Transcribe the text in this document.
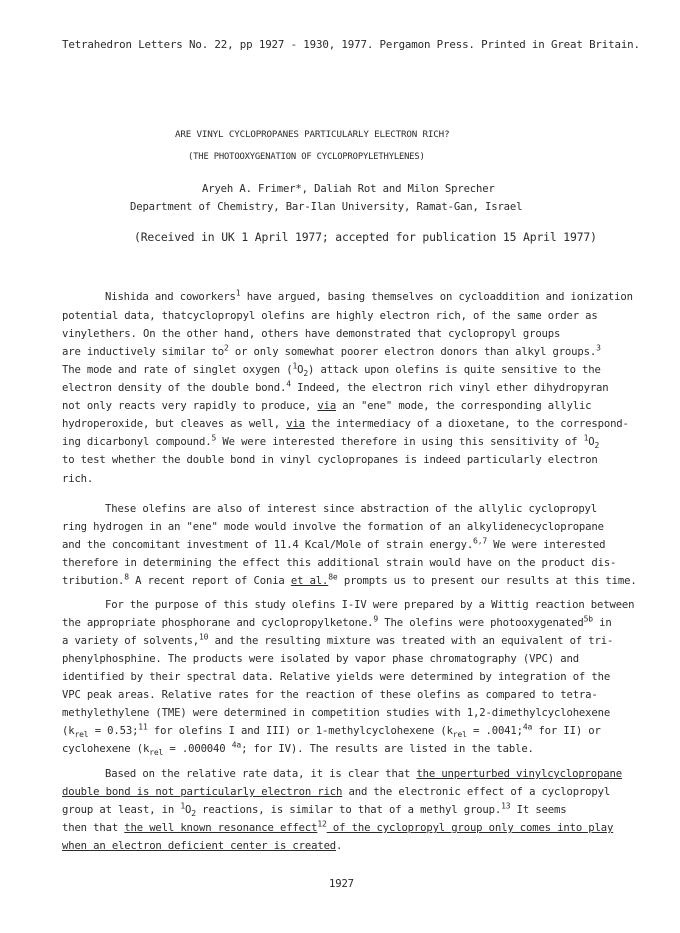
Tetrahedron Letters No. 22, pp 1927 - 1930, 1977. Pergamon Press. Printed in Great Britain.
ARE VINYL CYCLOPROPANES PARTICULARLY ELECTRON RICH?
(THE PHOTOOXYGENATION OF CYCLOPROPYLETHYLENES)
Aryeh A. Frimer*, Daliah Rot and Milon Sprecher
Department of Chemistry, Bar-Ilan University, Ramat-Gan, Israel
(Received in UK 1 April 1977; accepted for publication 15 April 1977)
Nishida and coworkers$^1$ have argued, basing themselves on cycloaddition and ionization
potential data, thatcyclopropyl olefins are highly electron rich, of the same order as
vinylethers. On the other hand, others have demonstrated that cyclopropyl groups
are inductively similar $to^2$ or only somewhat poorer electron donors than alkyl groups.$^3$
The mode and rate of singlet oxygen $(^1O_2)$ attack upon olefins is quite sensitive to the
electron density of the double bond.$^4$ Indeed, the electron rich vinyl ether dihydropyran
not only reacts very rapidly to produce, via an "ene" mode, the corresponding allylic
hydroperoxide, but cleaves as well, via the intermediacy of a dioxetane, to the correspond-
ing dicarbonyl compound.$^5$ We were interested therefore in using this sensitivity of $^1O_2$
to test whether the double bond in vinyl cyclopropanes is indeed particularly electron
rich.
These olefins are also of interest since abstraction of the allylic cyclopropyl
ring hydrogen in an "ene" mode would involve the formation of an alkylidenecyclopropane
and the concomitant investment of 11.4 Kcal/Mole of strain energy.$^{6,7}$ We were interested
therefore in determining the effect this additional strain would have on the product dis-
tribution.$^8$ A recent report of Conia et al.$^{8e}$ prompts us to present our results at this time.
For the purpose of this study olefins I-IV were prepared by a Wittig reaction between
the appropriate phosphorane and cyclopropylketone.$^9$ The olefins were photooxygenated$^{5b}$ in
a variety of solvents,$^{10}$ and the resulting mixture was treated with an equivalent of tri-
phenylphosphine. The products were isolated by vapor phase chromatography (VPC) and
identified by their spectral data. Relative yields were determined by integration of the
VPC peak areas. Relative rates for the reaction of these olefins as compared to tetra-
methylethylene (TME) were determined in competition studies with 1,2-dimethylcyclohexene
($k_{rel}$ = 0.53;$^{11}$ for olefins I and III) or 1-methylcyclohexene ($k_{rel}$ = .0041;$^{4a}$ for II) or
cyclohexene ($k_{rel} = .000040$ $^{4a}$; for IV). The results are listed in the table.
Based on the relative rate data, it is clear that the unperturbed vinylcyclopropane
double bond is not particularly electron rich and the electronic effect of a cyclopropyl
group at least, in $^1O_2$ reactions, is similar to that of a methyl group.$^{13}$ It seems
then that the well known resonance effect$^{12}$ of the cyclopropyl group only comes into play
when an electron deficient center is created.
1927
